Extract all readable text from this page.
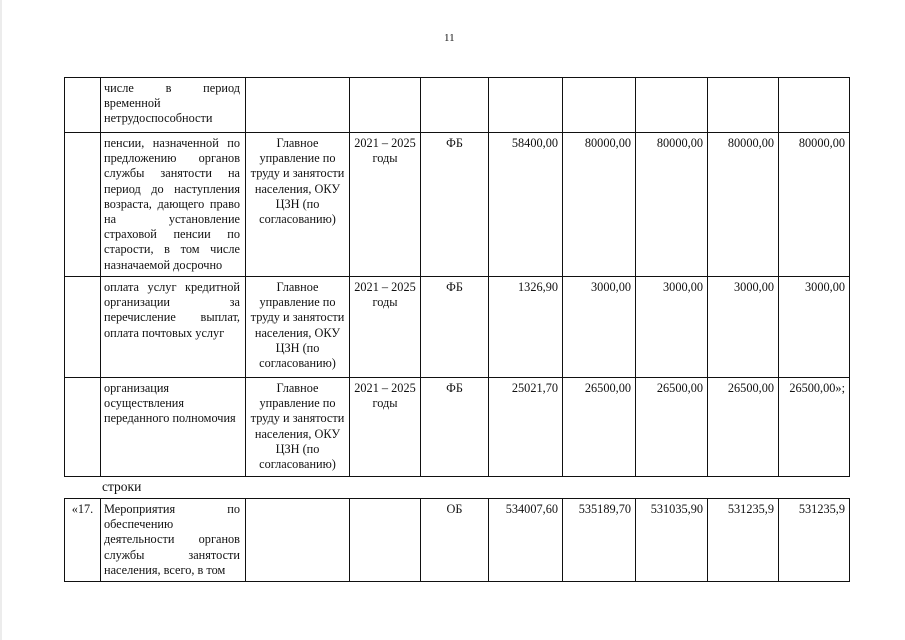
11
	числе в период временной нетрудоспособности								
	пенсии, назначенной по предложению органов службы занятости на период до наступления возраста, дающего право на установление страховой пенсии по старости, в том числе назначаемой досрочно	Главное управление по труду и занятости населения, ОКУ ЦЗН (по согласованию)	2021 – 2025 годы	ФБ	58400,00	80000,00	80000,00	80000,00	80000,00
	оплата услуг кредитной организации за перечисление выплат, оплата почтовых услуг	Главное управление по труду и занятости населения, ОКУ ЦЗН (по согласованию)	2021 – 2025 годы	ФБ	1326,90	3000,00	3000,00	3000,00	3000,00
	организация осуществления переданного полномочия	Главное управление по труду и занятости населения, ОКУ ЦЗН (по согласованию)	2021 – 2025 годы	ФБ	25021,70	26500,00	26500,00	26500,00	26500,00»;
строки
«17.	Мероприятия по обеспечению деятельности органов службы занятости населения, всего, в том			ОБ	534007,60	535189,70	531035,90	531235,9	531235,9
